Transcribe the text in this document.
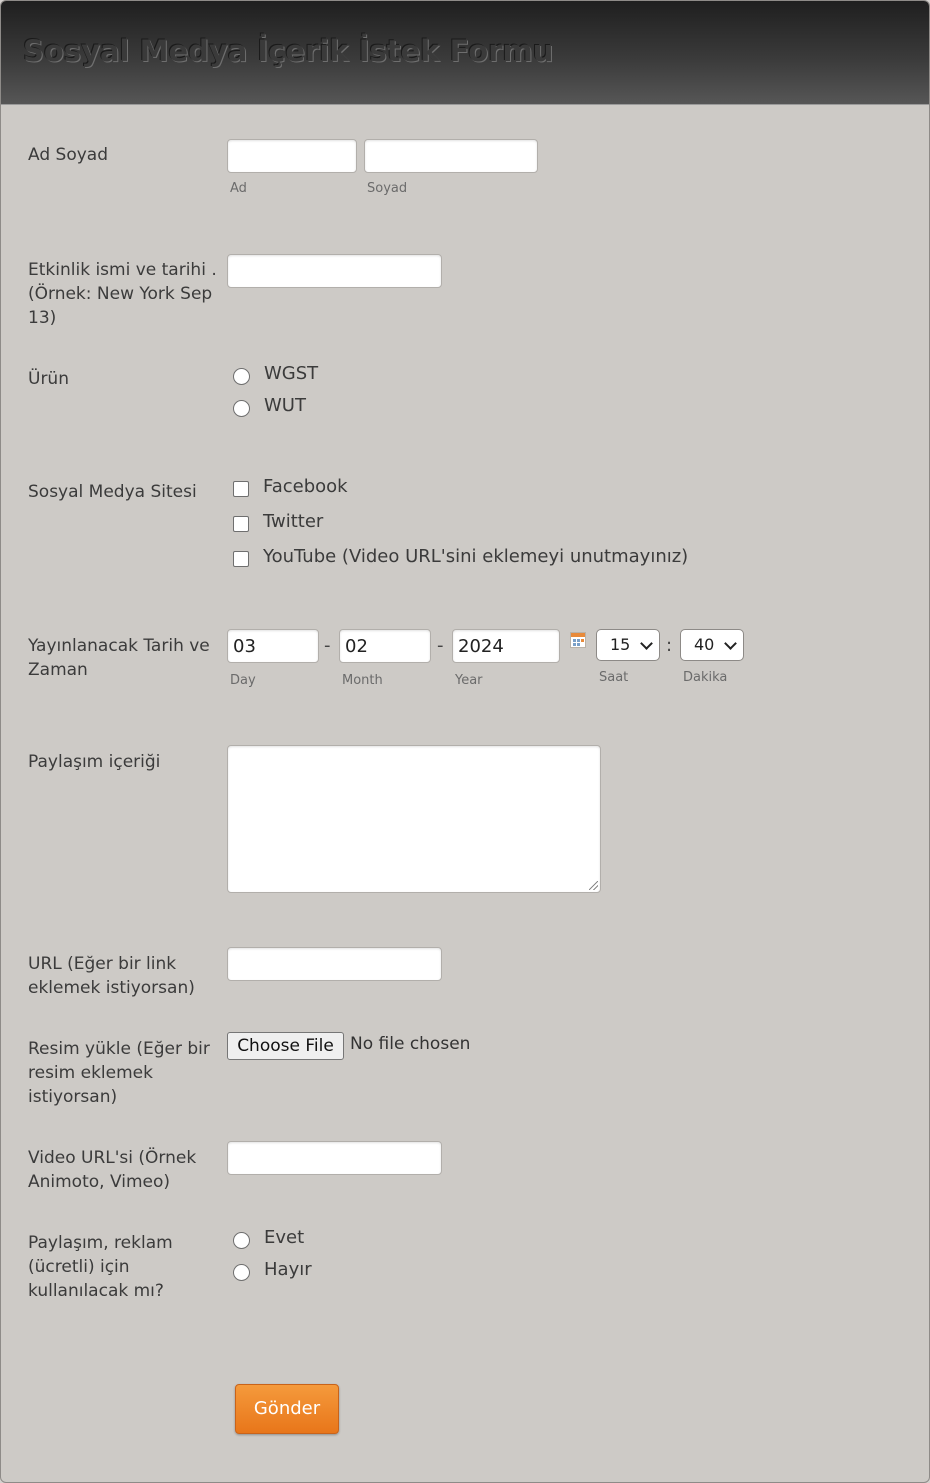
Sosyal Medya İçerik İstek Formu
Ad Soyad
Ad	Soyad
Etkinlik ismi ve tarihi . (Örnek: New York Sep 13)
Ürün	WGST
WUT
Sosyal Medya Sitesi	Facebook
Twitter
YouTube (Video URL'sini eklemeyi unutmayınız)
Yayınlanacak Tarih ve Zaman
03	- 02	- 2024	15	:	40
Day	Month	Year	Saat	Dakika
Paylaşım içeriği
URL (Eğer bir link eklemek istiyorsan)
Resim yükle (Eğer bir resim eklemek istiyorsan)
Choose File No file chosen
Video URL'si (Örnek Animoto, Vimeo)
Paylaşım, reklam (ücretli) için kullanılacak mı?
Evet
Hayır
Gönder
